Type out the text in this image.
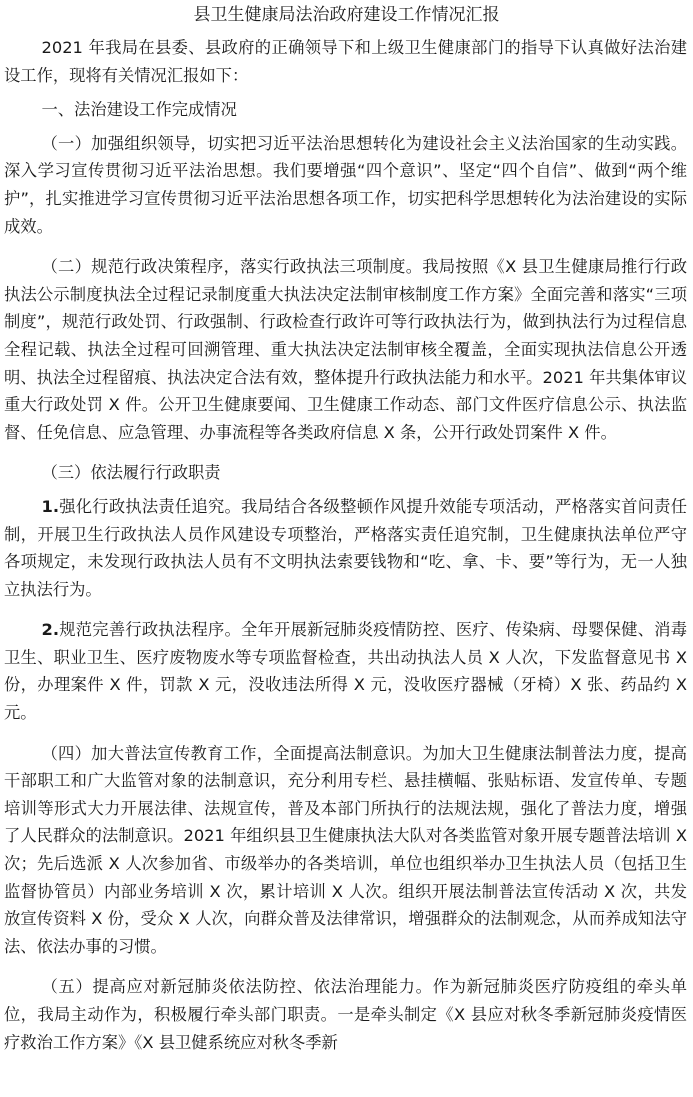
县卫生健康局法治政府建设工作情况汇报

2021 年我局在县委、县政府的正确领导下和上级卫生健康部门的指导下认真做好法治建设工作，现将有关情况汇报如下：

一、法治建设工作完成情况

（一）加强组织领导，切实把习近平法治思想转化为建设社会主义法治国家的生动实践。深入学习宣传贯彻习近平法治思想。我们要增强“四个意识”、坚定“四个自信”、做到“两个维护”，扎实推进学习宣传贯彻习近平法治思想各项工作，切实把科学思想转化为法治建设的实际成效。

（二）规范行政决策程序，落实行政执法三项制度。我局按照《X 县卫生健康局推行行政执法公示制度执法全过程记录制度重大执法决定法制审核制度工作方案》全面完善和落实“三项制度”，规范行政处罚、行政强制、行政检查行政许可等行政执法行为，做到执法行为过程信息全程记载、执法全过程可回溯管理、重大执法决定法制审核全覆盖，全面实现执法信息公开透明、执法全过程留痕、执法决定合法有效，整体提升行政执法能力和水平。2021 年共集体审议重大行政处罚 X 件。公开卫生健康要闻、卫生健康工作动态、部门文件医疗信息公示、执法监督、任免信息、应急管理、办事流程等各类政府信息 X 条，公开行政处罚案件 X 件。

（三）依法履行行政职责

1.强化行政执法责任追究。我局结合各级整顿作风提升效能专项活动，严格落实首问责任制，开展卫生行政执法人员作风建设专项整治，严格落实责任追究制，卫生健康执法单位严守各项规定，未发现行政执法人员有不文明执法索要钱物和“吃、拿、卡、要”等行为，无一人独立执法行为。

2.规范完善行政执法程序。全年开展新冠肺炎疫情防控、医疗、传染病、母婴保健、消毒卫生、职业卫生、医疗废物废水等专项监督检查，共出动执法人员 X 人次，下发监督意见书 X 份，办理案件 X 件，罚款 X 元，没收违法所得 X 元，没收医疗器械（牙椅）X 张、药品约 X 元。

（四）加大普法宣传教育工作，全面提高法制意识。为加大卫生健康法制普法力度，提高干部职工和广大监管对象的法制意识，充分利用专栏、悬挂横幅、张贴标语、发宣传单、专题培训等形式大力开展法律、法规宣传，普及本部门所执行的法规法规，强化了普法力度，增强了人民群众的法制意识。2021 年组织县卫生健康执法大队对各类监管对象开展专题普法培训 X 次；先后选派 X 人次参加省、市级举办的各类培训，单位也组织举办卫生执法人员（包括卫生监督协管员）内部业务培训 X 次，累计培训 X 人次。组织开展法制普法宣传活动 X 次，共发放宣传资料 X 份，受众 X 人次，向群众普及法律常识，增强群众的法制观念，从而养成知法守法、依法办事的习惯。

（五）提高应对新冠肺炎依法防控、依法治理能力。作为新冠肺炎医疗防疫组的牵头单位，我局主动作为，积极履行牵头部门职责。一是牵头制定《X 县应对秋冬季新冠肺炎疫情医疗救治工作方案》《X 县卫健系统应对秋冬季新
